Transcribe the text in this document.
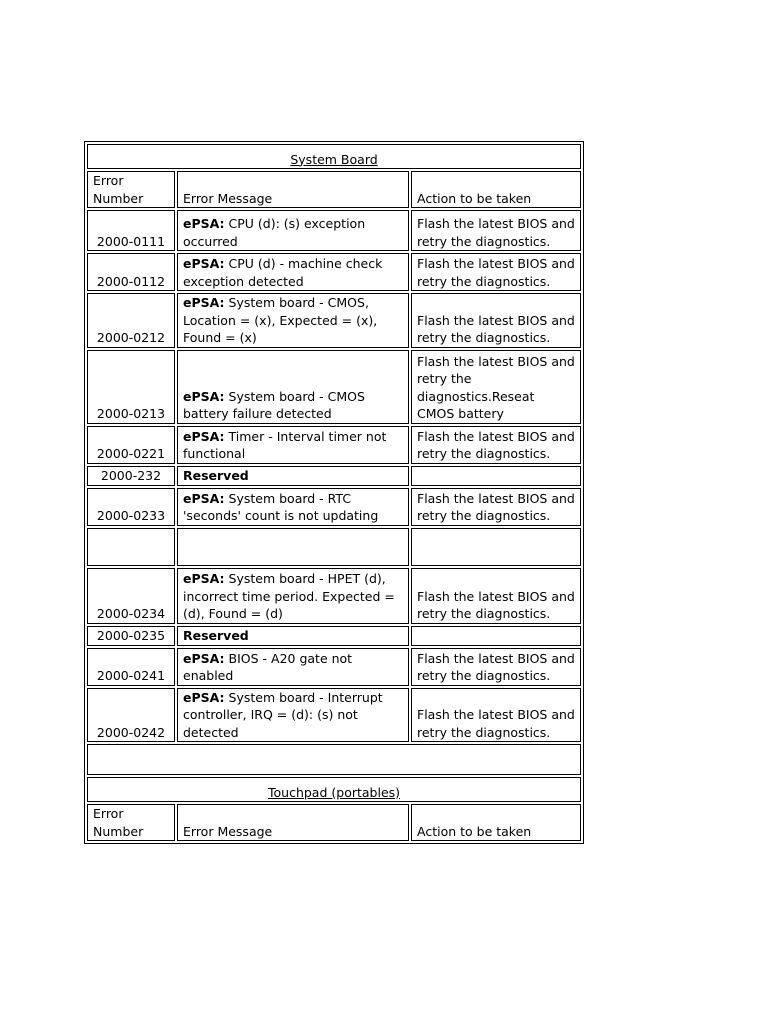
System Board		
Error Number	Error Message	Action to be taken
2000-0111	ePSA: CPU (d): (s) exception occurred	Flash the latest BIOS and retry the diagnostics.
2000-0112	ePSA: CPU (d) - machine check exception detected	Flash the latest BIOS and retry the diagnostics.
2000-0212	ePSA: System board - CMOS, Location = (x), Expected = (x), Found = (x)	Flash the latest BIOS and retry the diagnostics.
2000-0213	ePSA: System board - CMOS battery failure detected	Flash the latest BIOS and retry the diagnostics.Reseat CMOS battery
2000-0221	ePSA: Timer - Interval timer not functional	Flash the latest BIOS and retry the diagnostics.
2000-232	Reserved	
2000-0233	ePSA: System board - RTC 'seconds' count is not updating	Flash the latest BIOS and retry the diagnostics.

2000-0234	ePSA: System board - HPET (d), incorrect time period. Expected = (d), Found = (d)	Flash the latest BIOS and retry the diagnostics.
2000-0235	Reserved	
2000-0241	ePSA: BIOS - A20 gate not enabled	Flash the latest BIOS and retry the diagnostics.
2000-0242	ePSA: System board - Interrupt controller, IRQ = (d): (s) not detected	Flash the latest BIOS and retry the diagnostics.

Touchpad (portables)		
Error Number	Error Message	Action to be taken
